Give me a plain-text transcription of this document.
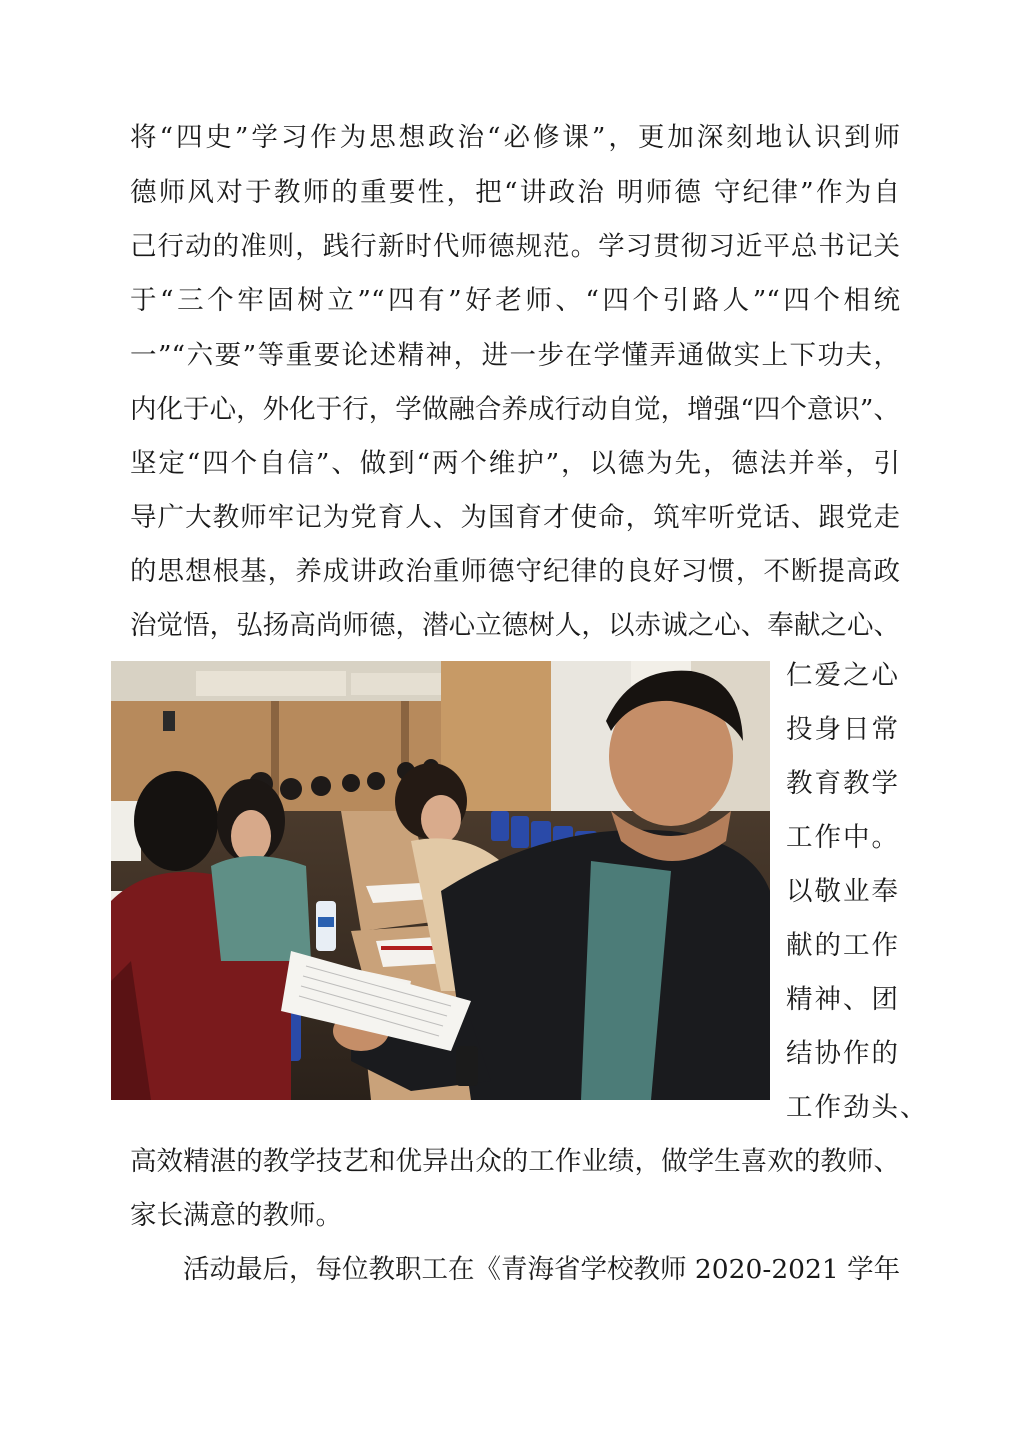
将“四史”学习作为思想政治“必修课”，更加深刻地认识到师
德师风对于教师的重要性，把“讲政治 明师德 守纪律”作为自
己行动的准则，践行新时代师德规范。学习贯彻习近平总书记关
于“三个牢固树立”“四有”好老师、“四个引路人”“四个相统
一”“六要”等重要论述精神，进一步在学懂弄通做实上下功夫，
内化于心，外化于行，学做融合养成行动自觉，增强“四个意识”、
坚定“四个自信”、做到“两个维护”，以德为先，德法并举，引
导广大教师牢记为党育人、为国育才使命，筑牢听党话、跟党走
的思想根基，养成讲政治重师德守纪律的良好习惯，不断提高政
治觉悟，弘扬高尚师德，潜心立德树人，以赤诚之心、奉献之心、
仁爱之心
投身日常
教育教学
工作中。
以敬业奉
献的工作
精神、团
结协作的
工作劲头、
高效精湛的教学技艺和优异出众的工作业绩，做学生喜欢的教师、
家长满意的教师。
　　活动最后，每位教职工在《青海省学校教师 2020-2021 学年
